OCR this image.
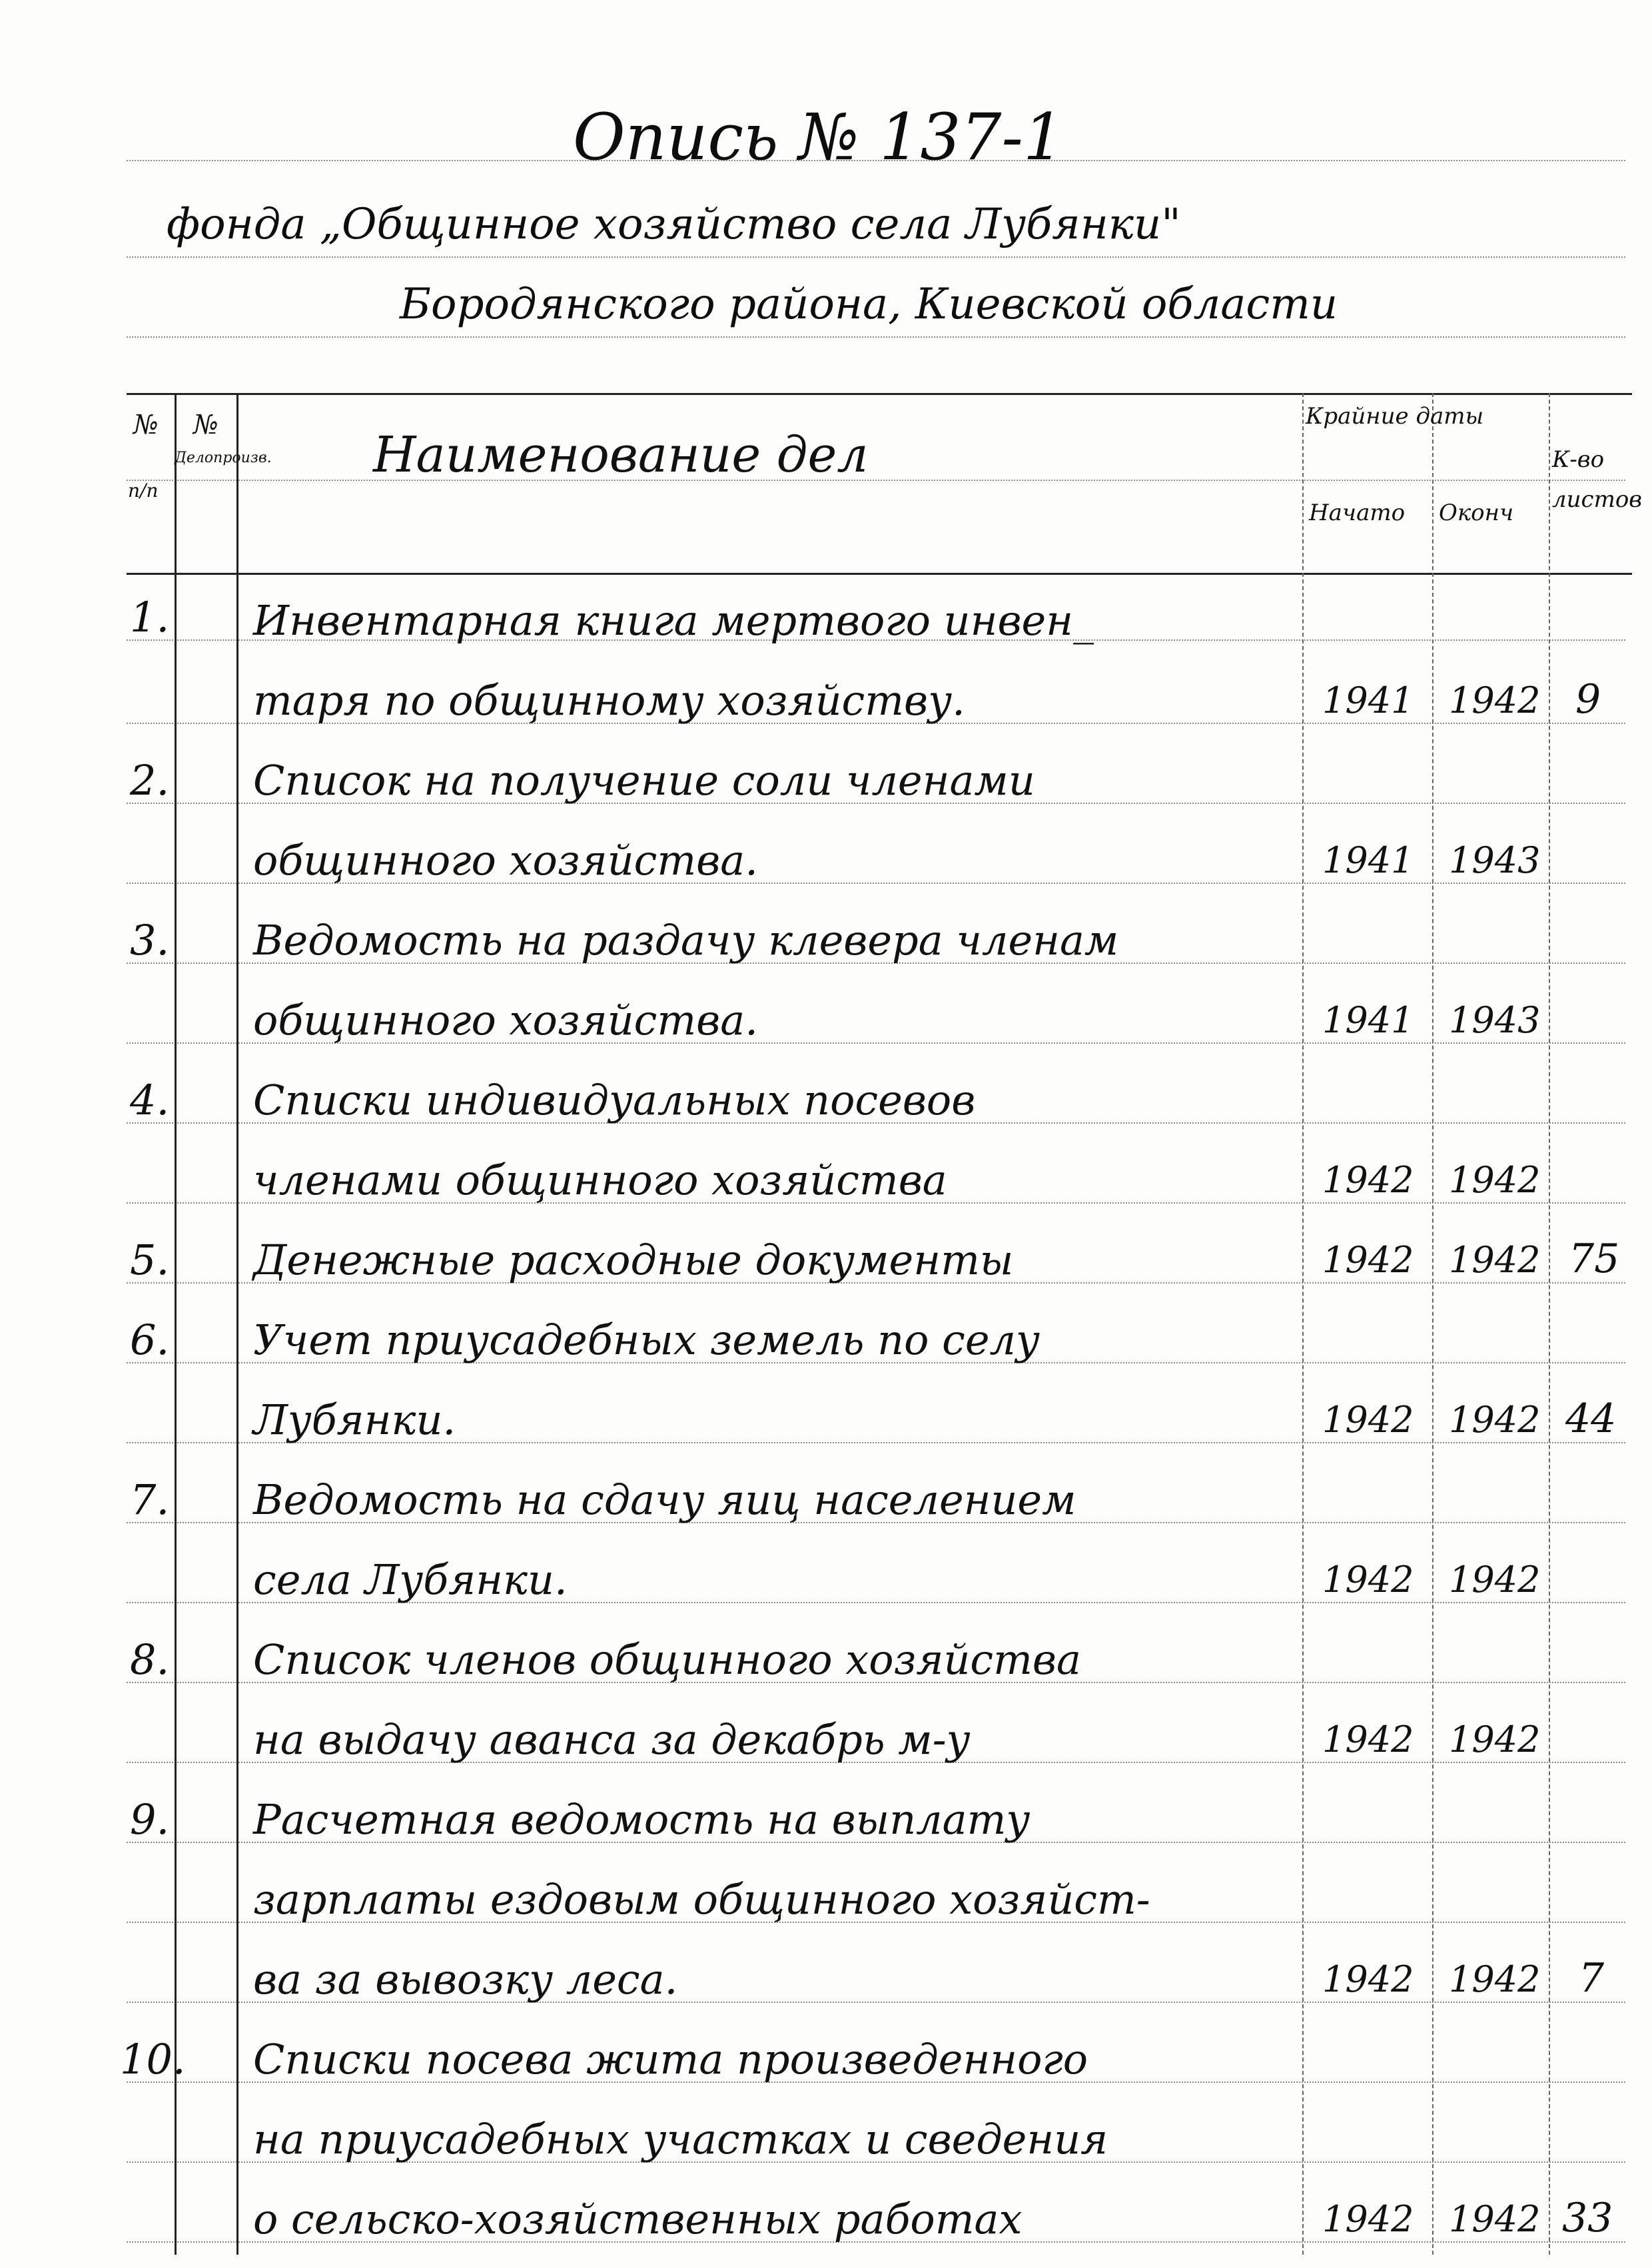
Опись № 137-1
фонда „Общинное хозяйство села Лубянки"
Бородянского района, Киевской области
№
п/п
№
Делопроизв. Наименование дел
Крайние даты
Начато Оконч
К-во листов
1. Инвентарная книга мертвого инвен_
таря по общинному хозяйству.	1941 1942 9
2. Список на получение соли членами
общинного хозяйства.	1941 1943
3. Ведомость на раздачу клевера членам
общинного хозяйства.	1941 1943
4. Списки индивидуальных посевов
членами общинного хозяйства	1942 1942
5. Денежные расходные документы	1942 1942 75
6. Учет приусадебных земель по селу
Лубянки.	1942 1942 44
7. Ведомость на сдачу яиц населением
села Лубянки.	1942 1942
8. Список членов общинного хозяйства
на выдачу аванса за декабрь м-у	1942 1942
9. Расчетная ведомость на выплату
зарплаты ездовым общинного хозяйст-
ва за вывозку леса.	1942 1942 7
10. Списки посева жита произведенного
на приусадебных участках и сведения
о сельско-хозяйственных работах	1942 1942 33
